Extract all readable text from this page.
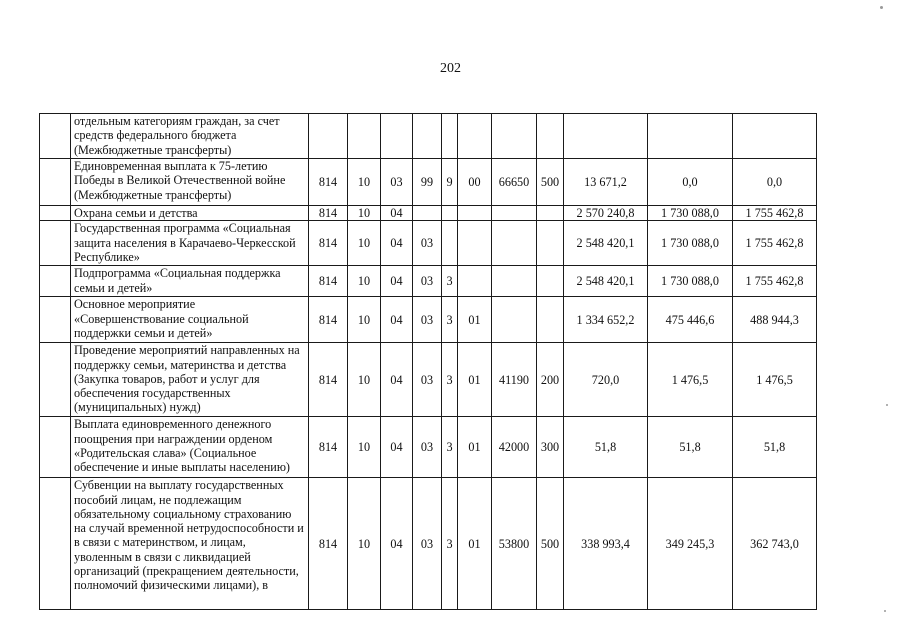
202
	отдельным категориям граждан, за счет средств федерального бюджета (Межбюджетные трансферты)											
	Единовременная выплата к 75-летию Победы в Великой Отечественной войне (Межбюджетные трансферты)	814	10	03	99	9	00	66650	500	13 671,2	0,0	0,0
	Охрана семьи и детства	814	10	04						2 570 240,8	1 730 088,0	1 755 462,8
	Государственная программа «Социальная защита населения в Карачаево-Черкесской Республике»	814	10	04	03					2 548 420,1	1 730 088,0	1 755 462,8
	Подпрограмма «Социальная поддержка семьи и детей»	814	10	04	03	3				2 548 420,1	1 730 088,0	1 755 462,8
	Основное мероприятие «Совершенствование социальной поддержки семьи и детей»	814	10	04	03	3	01			1 334 652,2	475 446,6	488 944,3
	Проведение мероприятий направленных на поддержку семьи, материнства и детства (Закупка товаров, работ и услуг для обеспечения государственных (муниципальных) нужд)	814	10	04	03	3	01	41190	200	720,0	1 476,5	1 476,5
	Выплата единовременного денежного поощрения при награждении орденом «Родительская слава» (Социальное обеспечение и иные выплаты населению)	814	10	04	03	3	01	42000	300	51,8	51,8	51,8
	Субвенции на выплату государственных пособий лицам, не подлежащим обязательному социальному страхованию на случай временной нетрудоспособности и в связи с материнством, и лицам, уволенным в связи с ликвидацией организаций (прекращением деятельности, полномочий физическими лицами), в	814	10	04	03	3	01	53800	500	338 993,4	349 245,3	362 743,0
